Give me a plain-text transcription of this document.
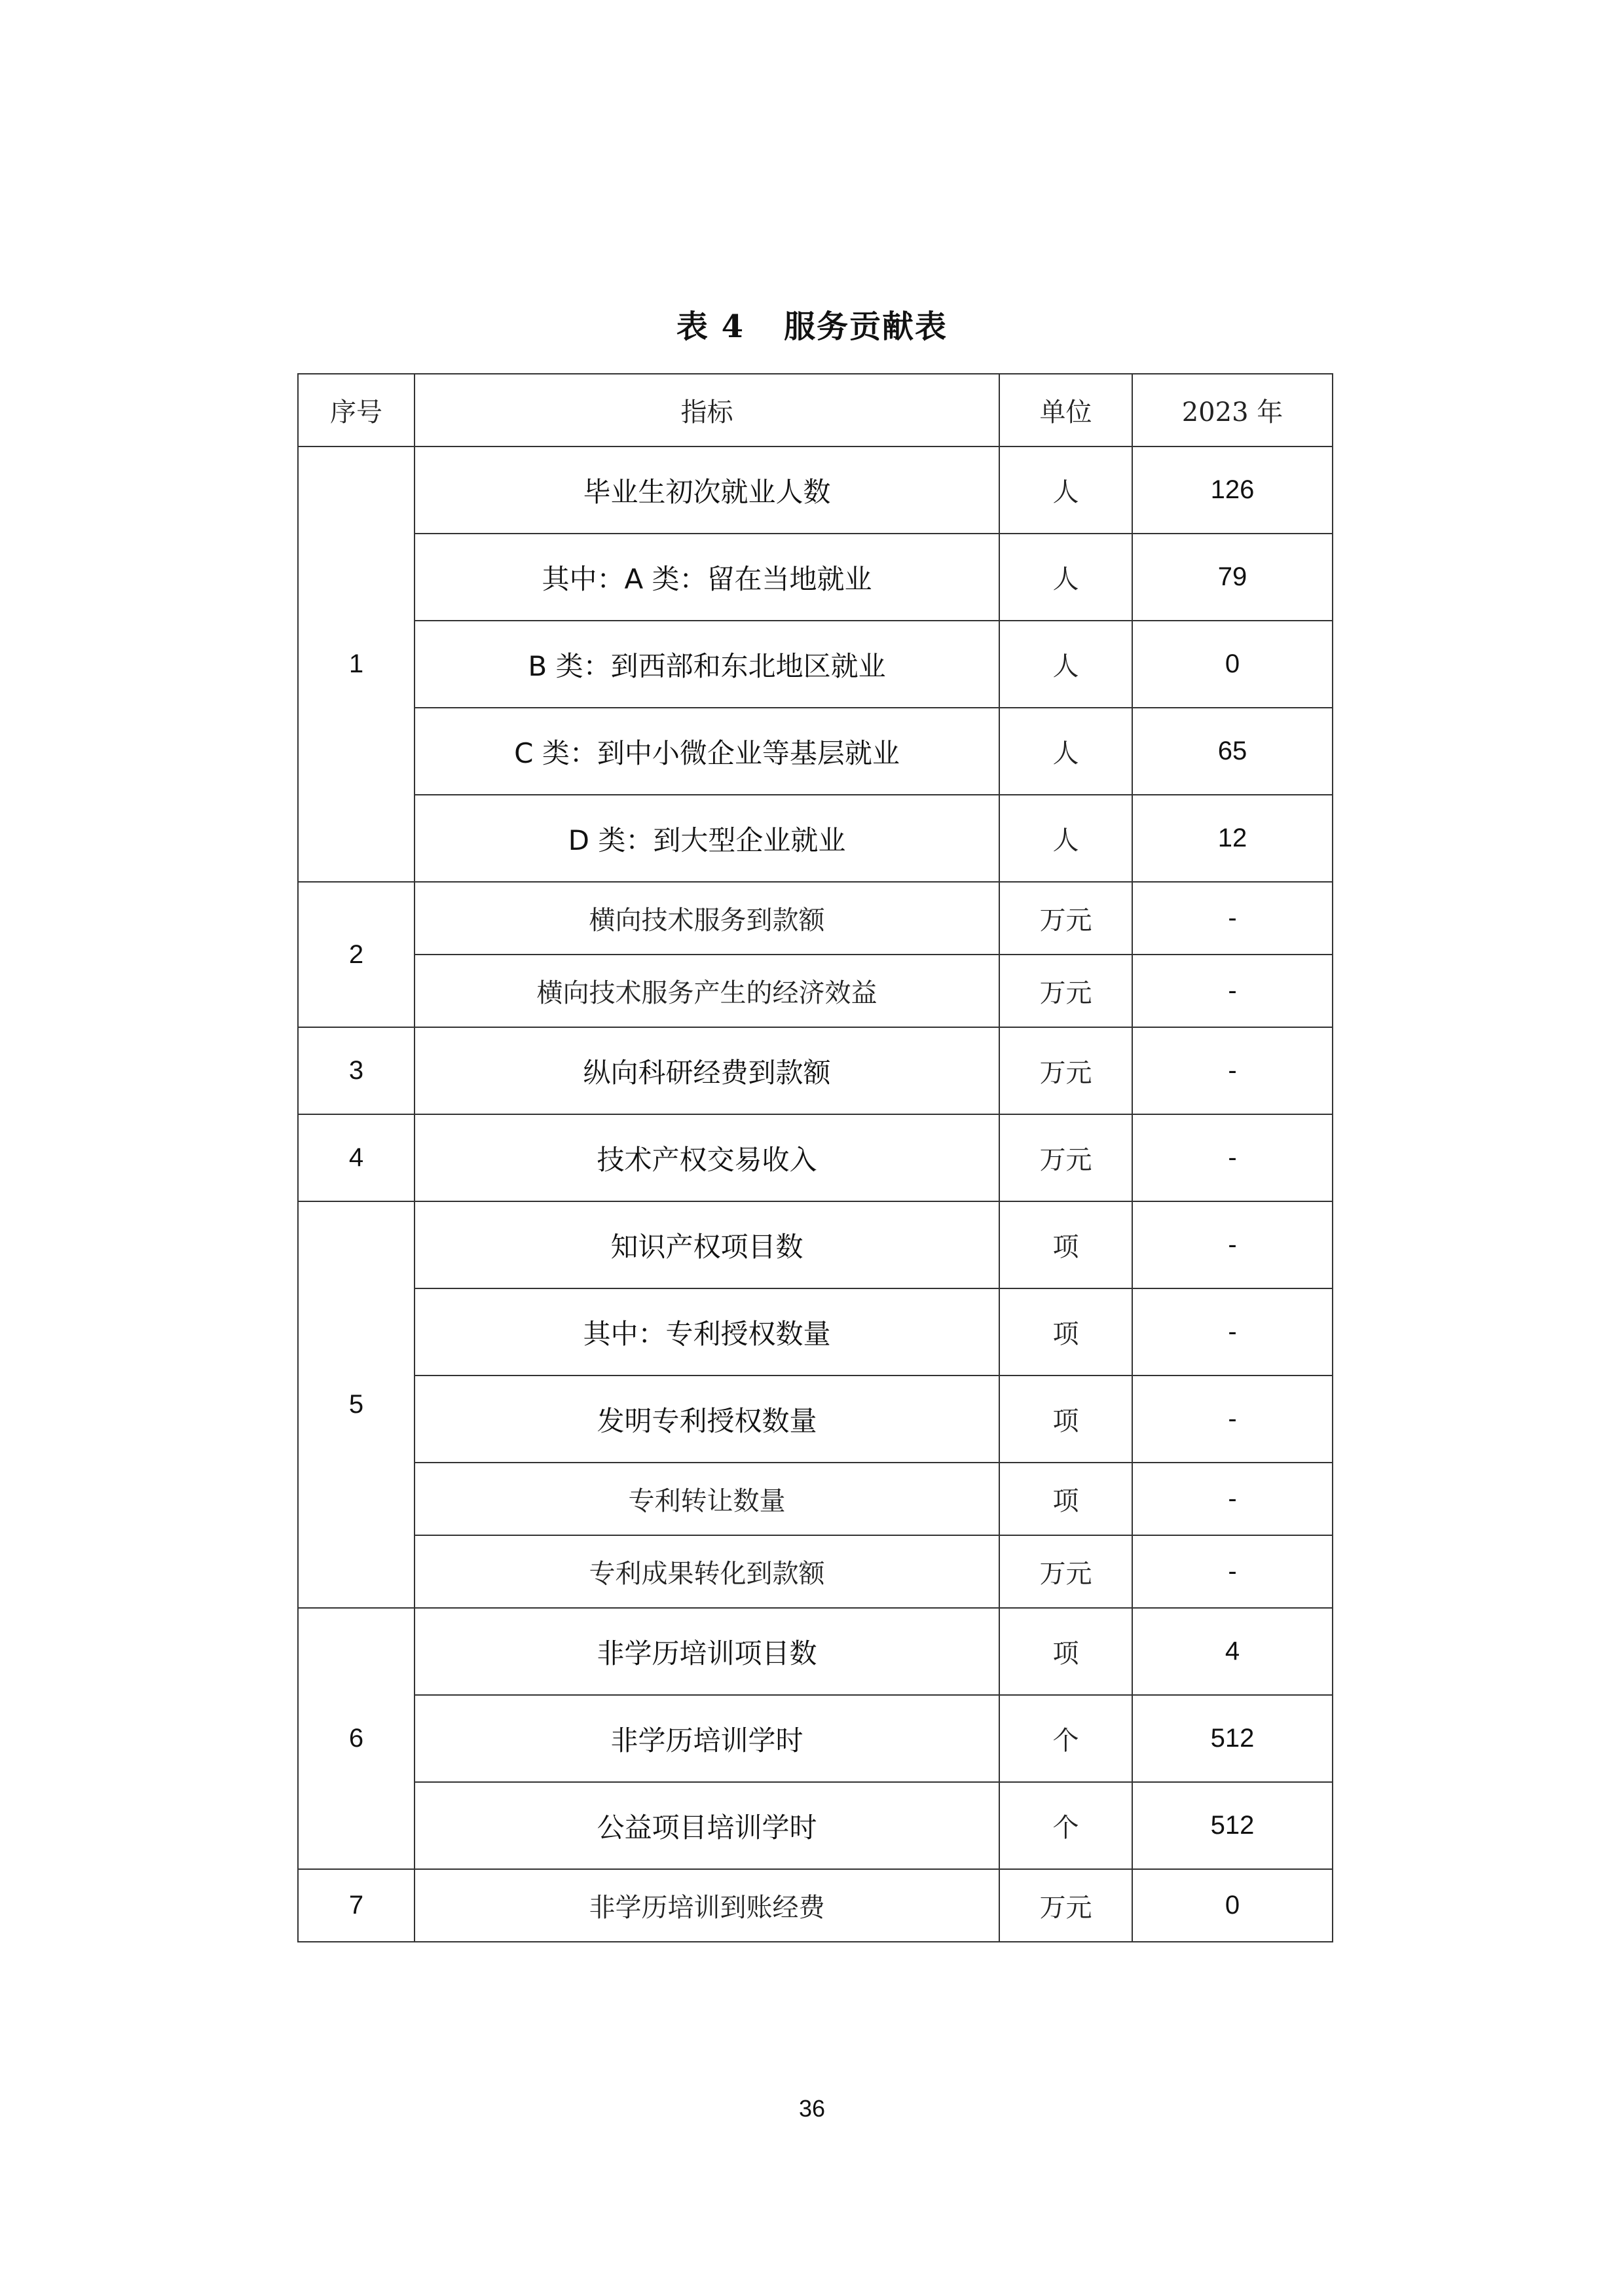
表 4 服务贡献表
序号	指标	单位	2023 年
1	毕业生初次就业人数	人	126
	其中：A 类：留在当地就业	人	79
	B 类：到西部和东北地区就业	人	0
	C 类：到中小微企业等基层就业	人	65
	D 类：到大型企业就业	人	12
2	横向技术服务到款额	万元	-
	横向技术服务产生的经济效益	万元	-
3	纵向科研经费到款额	万元	-
4	技术产权交易收入	万元	-
5	知识产权项目数	项	-
	其中：专利授权数量	项	-
	发明专利授权数量	项	-
	专利转让数量	项	-
	专利成果转化到款额	万元	-
6	非学历培训项目数	项	4
	非学历培训学时	个	512
	公益项目培训学时	个	512
7	非学历培训到账经费	万元	0
36
